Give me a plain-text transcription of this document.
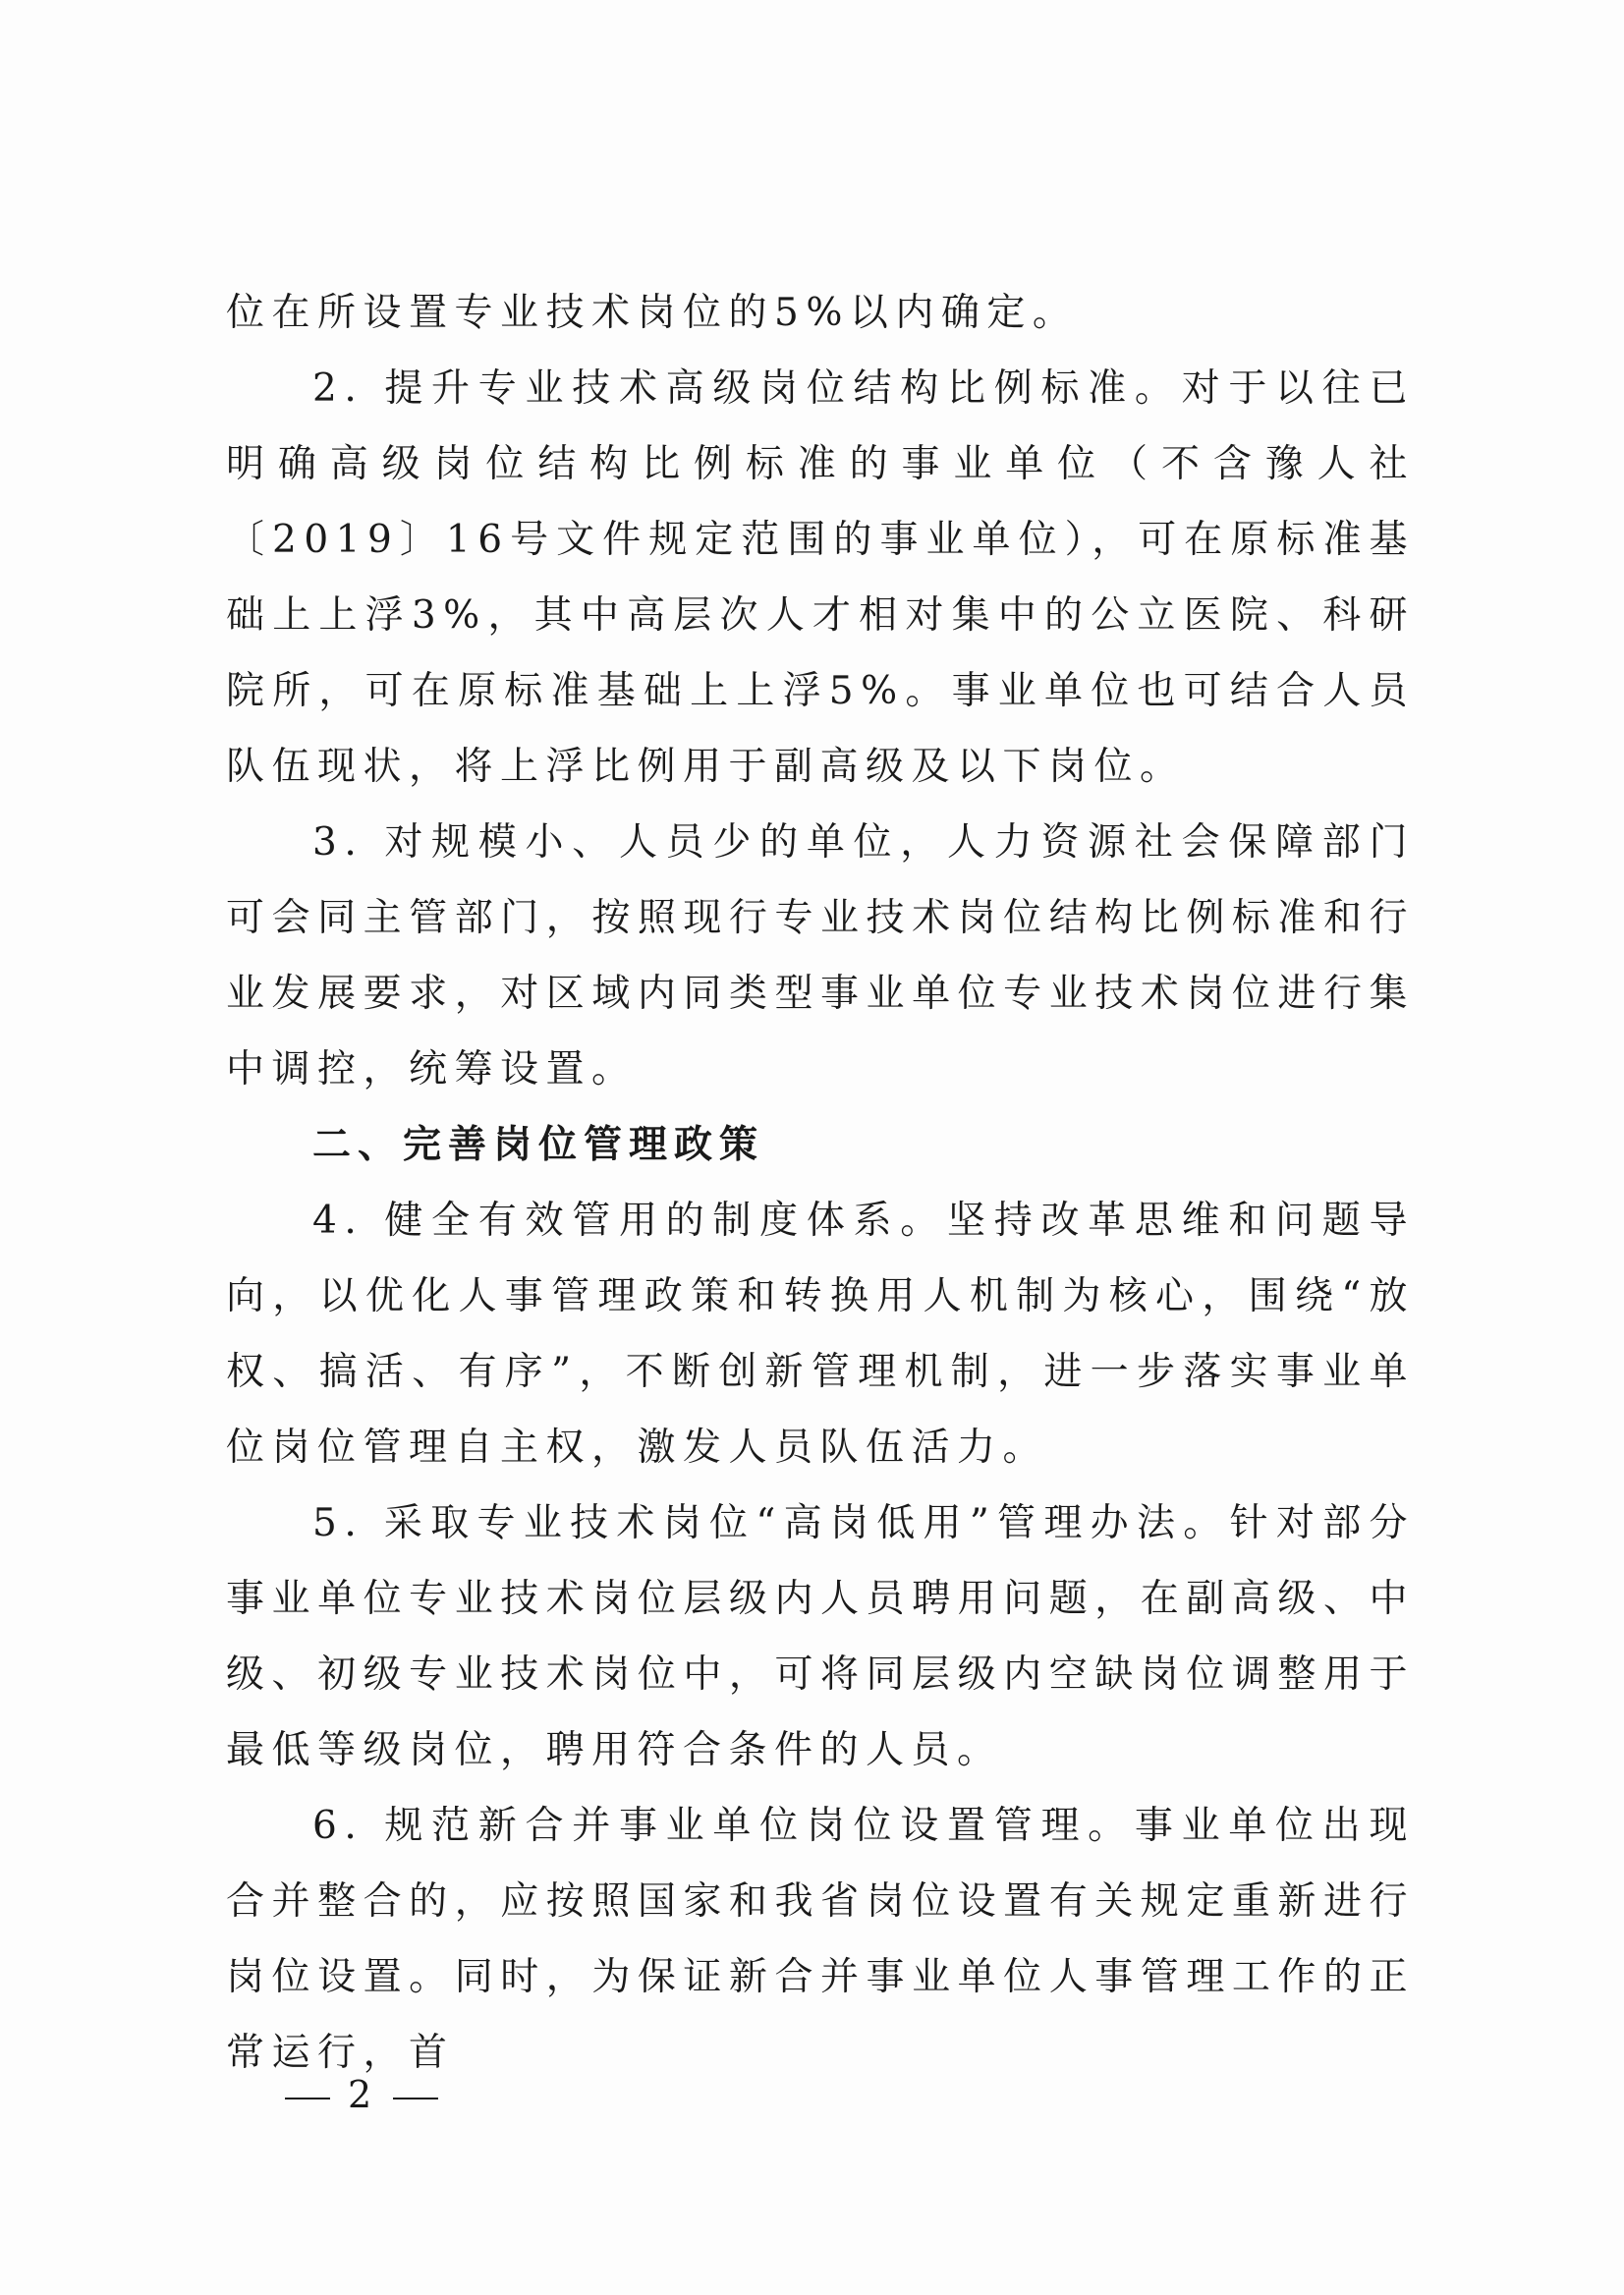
位在所设置专业技术岗位的5%以内确定。

2. 提升专业技术高级岗位结构比例标准。对于以往已明确高级岗位结构比例标准的事业单位（不含豫人社〔2019〕16号文件规定范围的事业单位），可在原标准基础上上浮3%，其中高层次人才相对集中的公立医院、科研院所，可在原标准基础上上浮5%。事业单位也可结合人员队伍现状，将上浮比例用于副高级及以下岗位。

3. 对规模小、人员少的单位，人力资源社会保障部门可会同主管部门，按照现行专业技术岗位结构比例标准和行业发展要求，对区域内同类型事业单位专业技术岗位进行集中调控，统筹设置。

二、完善岗位管理政策

4. 健全有效管用的制度体系。坚持改革思维和问题导向，以优化人事管理政策和转换用人机制为核心，围绕“放权、搞活、有序”，不断创新管理机制，进一步落实事业单位岗位管理自主权，激发人员队伍活力。

5. 采取专业技术岗位“高岗低用”管理办法。针对部分事业单位专业技术岗位层级内人员聘用问题，在副高级、中级、初级专业技术岗位中，可将同层级内空缺岗位调整用于最低等级岗位，聘用符合条件的人员。

6. 规范新合并事业单位岗位设置管理。事业单位出现合并整合的，应按照国家和我省岗位设置有关规定重新进行岗位设置。同时，为保证新合并事业单位人事管理工作的正常运行，首

2
